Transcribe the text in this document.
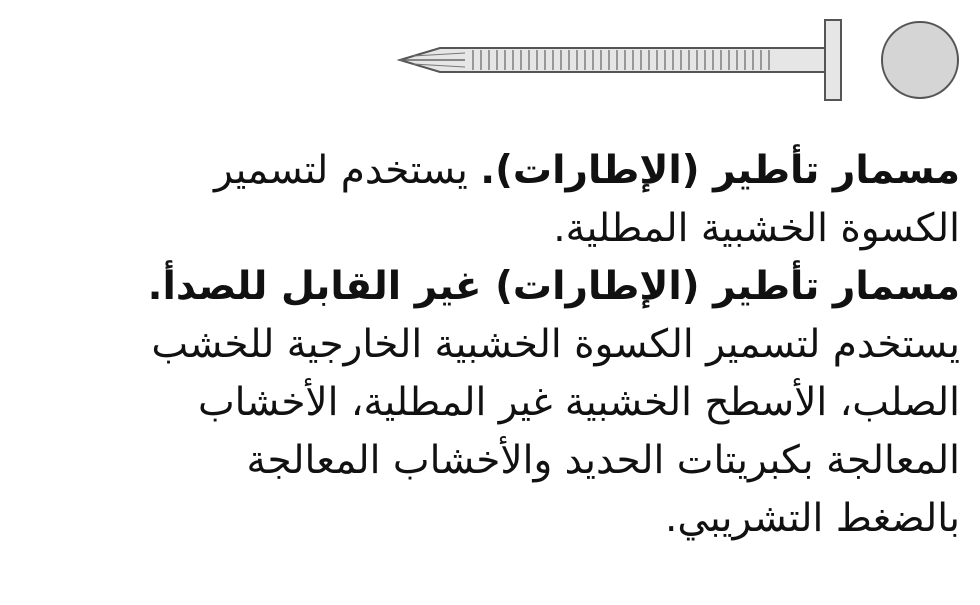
مسمار تأطير (الإطارات). يستخدم لتسمير الكسوة الخشبية المطلية.

مسمار تأطير (الإطارات) غير القابل للصدأ. يستخدم لتسمير الكسوة الخشبية الخارجية للخشب الصلب، الأسطح الخشبية غير المطلية، الأخشاب المعالجة بكبريتات الحديد والأخشاب المعالجة بالضغط التشريبي.
